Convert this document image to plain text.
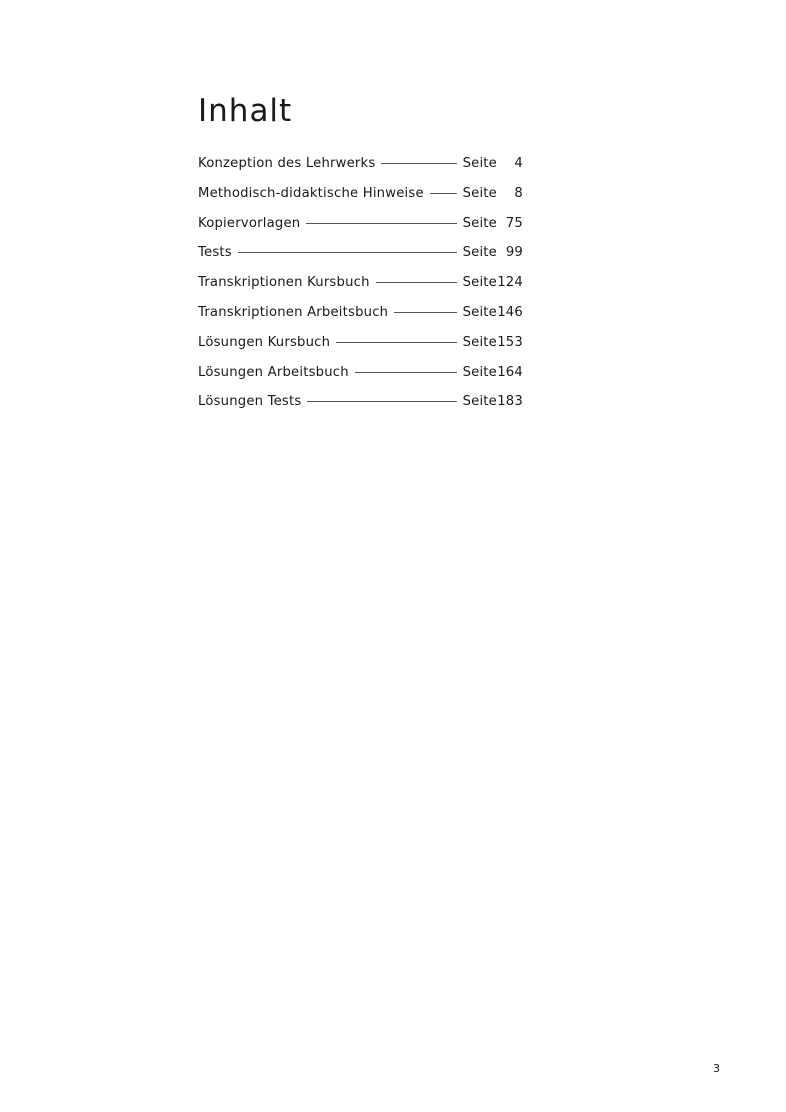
Inhalt
Konzeption des Lehrwerks	Seite	4
Methodisch-didaktische Hinweise	Seite	8
Kopiervorlagen	Seite 75
Tests	Seite 99
Transkriptionen Kursbuch	Seite 124
Transkriptionen Arbeitsbuch	Seite 146
Lösungen Kursbuch	Seite 153
Lösungen Arbeitsbuch	Seite 164
Lösungen Tests	Seite 183
3
